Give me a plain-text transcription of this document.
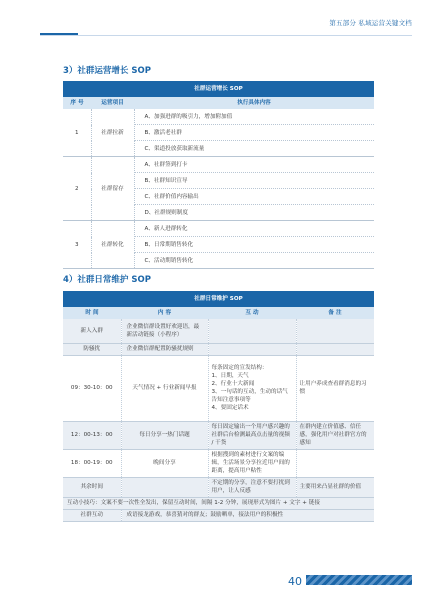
第五部分 私域运营关键文档
3）社群运营增长 SOP
社群运营增长 SOP		
序 号	运营项目	执行具体内容
1	社群拉新	A、加强进群的吸引力，增加附加值
		B、激活老社群
		C、渠道投放获取新流量
2	社群留存	A、社群签到打卡
		B、社群知识宣导
		C、社群价值内容输出
		D、社群规则制度
3	社群转化	A、新人进群转化
		B、日常期销售转化
		C、活动期销售转化
4）社群日常维护 SOP
社群日常维护 SOP			
时 间	内 容	互 动	备 注
新人入群	企业微信群设置好欢迎语，最新活动链接（小程序）		
防骚扰	企业微信群配置防骚扰规则		
09：30-10：00	天气情况 + 行业新闻早报	每条固定的宣发结构：
1、日期，天气
2、行业十大新闻
3、一句话的互动，生动的话气告知注意事项等
4、要固定话术	让用户养成查看群消息的习惯
12：00-13：00	每日分享一热门话题	每日固定输出一个用户感兴趣的社群后台检测最高点击量的视频 / 干货	在群内建立价值感、信任感，强化用户对社群官方的感知
18：00-19：00	晚间分享	根据搜到的素材进行文案的编辑，生活场景分享拉近用户间的距离，提高用户粘性	
其余时间		不定期的分享，注意不要打扰到用户，让人反感	主要用来凸显社群的价值
互动小技巧：文案不要一次性全发出，保留互动时间，间隔 1-2 分钟，展现形式为图片 + 文字 + 链接			
社群互动	成语接龙游戏，恭喜猜对的群友；鼓励晒单，接法用户的积极性		
40
